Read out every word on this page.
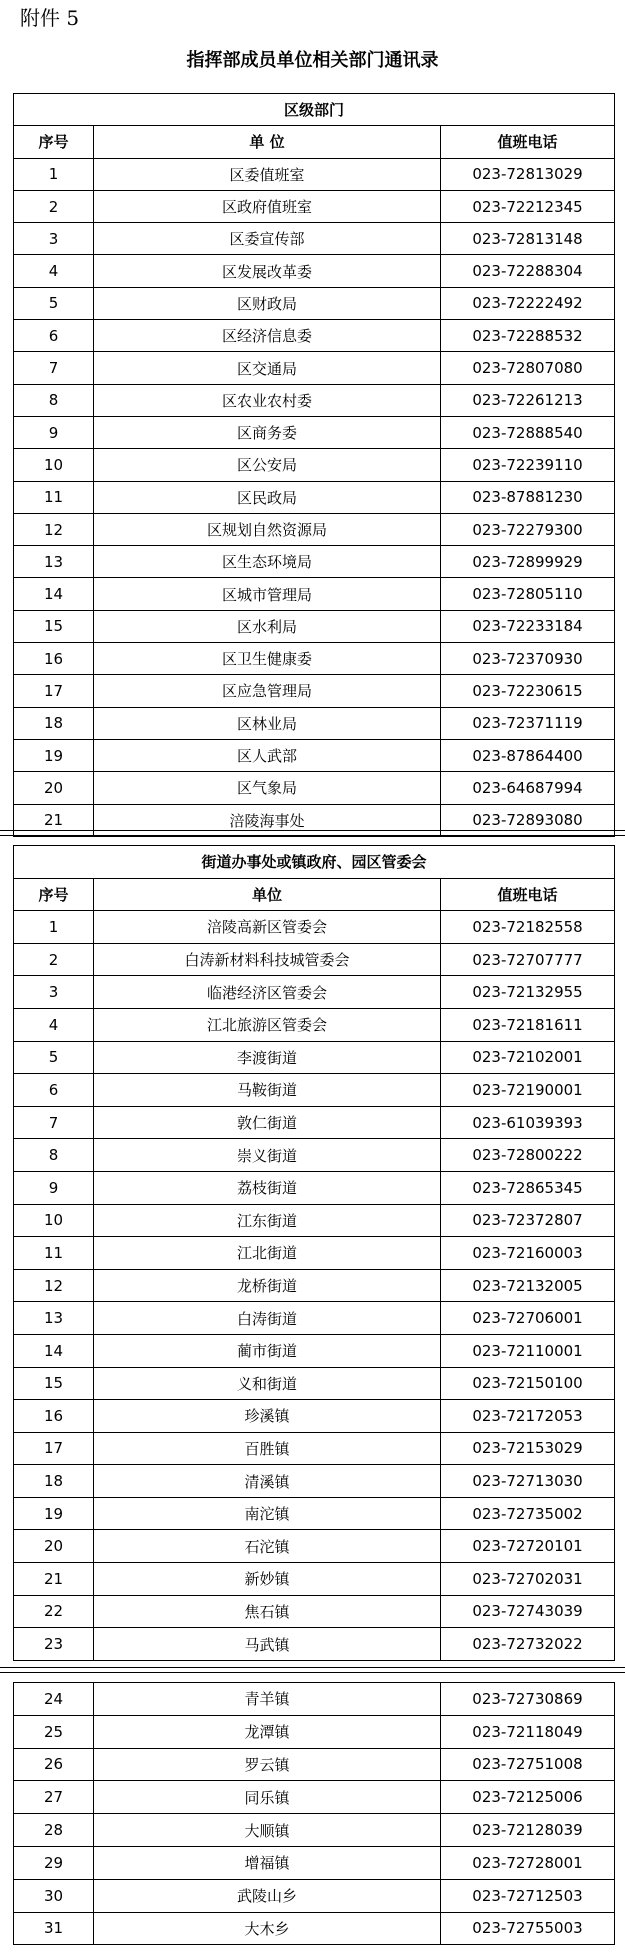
附件 5
指挥部成员单位相关部门通讯录
区级部门		
序号	单 位	值班电话
1	区委值班室	023-72813029
2	区政府值班室	023-72212345
3	区委宣传部	023-72813148
4	区发展改革委	023-72288304
5	区财政局	023-72222492
6	区经济信息委	023-72288532
7	区交通局	023-72807080
8	区农业农村委	023-72261213
9	区商务委	023-72888540
10	区公安局	023-72239110
11	区民政局	023-87881230
12	区规划自然资源局	023-72279300
13	区生态环境局	023-72899929
14	区城市管理局	023-72805110
15	区水利局	023-72233184
16	区卫生健康委	023-72370930
17	区应急管理局	023-72230615
18	区林业局	023-72371119
19	区人武部	023-87864400
20	区气象局	023-64687994
21	涪陵海事处	023-72893080
街道办事处或镇政府、园区管委会		
序号	单位	值班电话
1	涪陵高新区管委会	023-72182558
2	白涛新材料科技城管委会	023-72707777
3	临港经济区管委会	023-72132955
4	江北旅游区管委会	023-72181611
5	李渡街道	023-72102001
6	马鞍街道	023-72190001
7	敦仁街道	023-61039393
8	崇义街道	023-72800222
9	荔枝街道	023-72865345
10	江东街道	023-72372807
11	江北街道	023-72160003
12	龙桥街道	023-72132005
13	白涛街道	023-72706001
14	蔺市街道	023-72110001
15	义和街道	023-72150100
16	珍溪镇	023-72172053
17	百胜镇	023-72153029
18	清溪镇	023-72713030
19	南沱镇	023-72735002
20	石沱镇	023-72720101
21	新妙镇	023-72702031
22	焦石镇	023-72743039
23	马武镇	023-72732022
24	青羊镇	023-72730869
25	龙潭镇	023-72118049
26	罗云镇	023-72751008
27	同乐镇	023-72125006
28	大顺镇	023-72128039
29	增福镇	023-72728001
30	武陵山乡	023-72712503
31	大木乡	023-72755003
